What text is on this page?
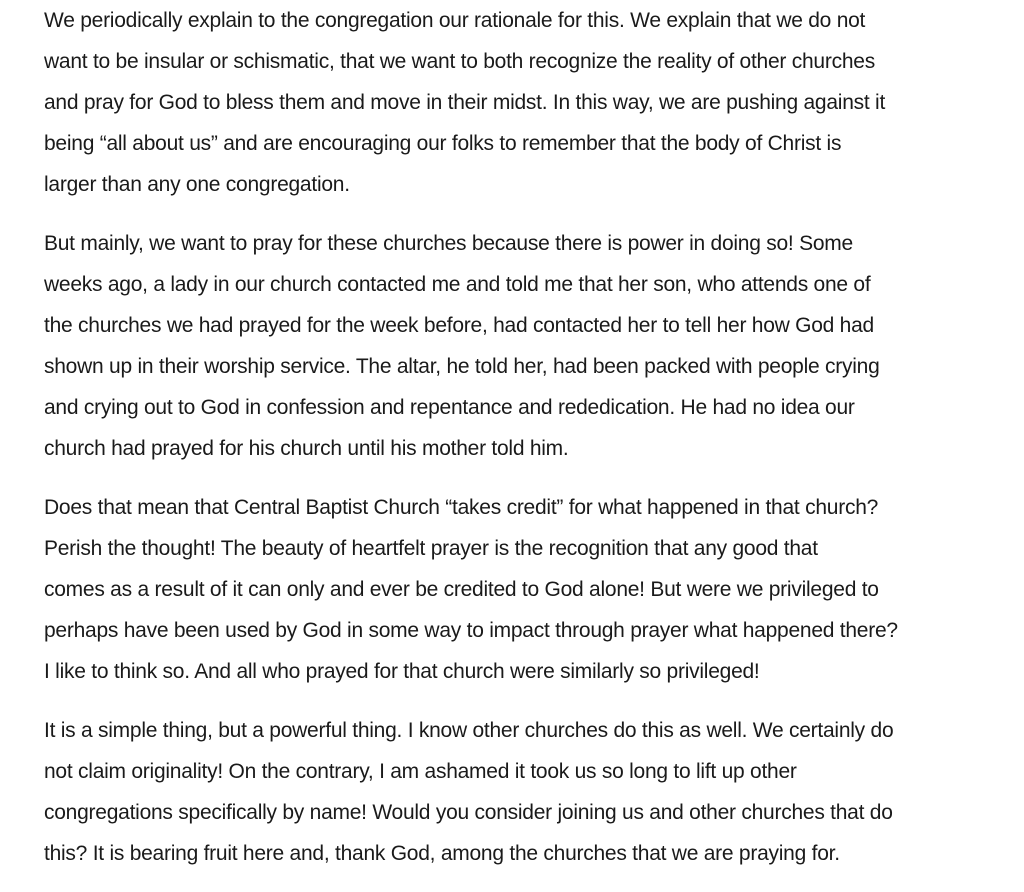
We periodically explain to the congregation our rationale for this. We explain that we do not
want to be insular or schismatic, that we want to both recognize the reality of other churches
and pray for God to bless them and move in their midst. In this way, we are pushing against it
being “all about us” and are encouraging our folks to remember that the body of Christ is
larger than any one congregation.

But mainly, we want to pray for these churches because there is power in doing so! Some
weeks ago, a lady in our church contacted me and told me that her son, who attends one of
the churches we had prayed for the week before, had contacted her to tell her how God had
shown up in their worship service. The altar, he told her, had been packed with people crying
and crying out to God in confession and repentance and rededication. He had no idea our
church had prayed for his church until his mother told him.

Does that mean that Central Baptist Church “takes credit” for what happened in that church?
Perish the thought! The beauty of heartfelt prayer is the recognition that any good that
comes as a result of it can only and ever be credited to God alone! But were we privileged to
perhaps have been used by God in some way to impact through prayer what happened there?
I like to think so. And all who prayed for that church were similarly so privileged!

It is a simple thing, but a powerful thing. I know other churches do this as well. We certainly do
not claim originality! On the contrary, I am ashamed it took us so long to lift up other
congregations specifically by name! Would you consider joining us and other churches that do
this? It is bearing fruit here and, thank God, among the churches that we are praying for.
